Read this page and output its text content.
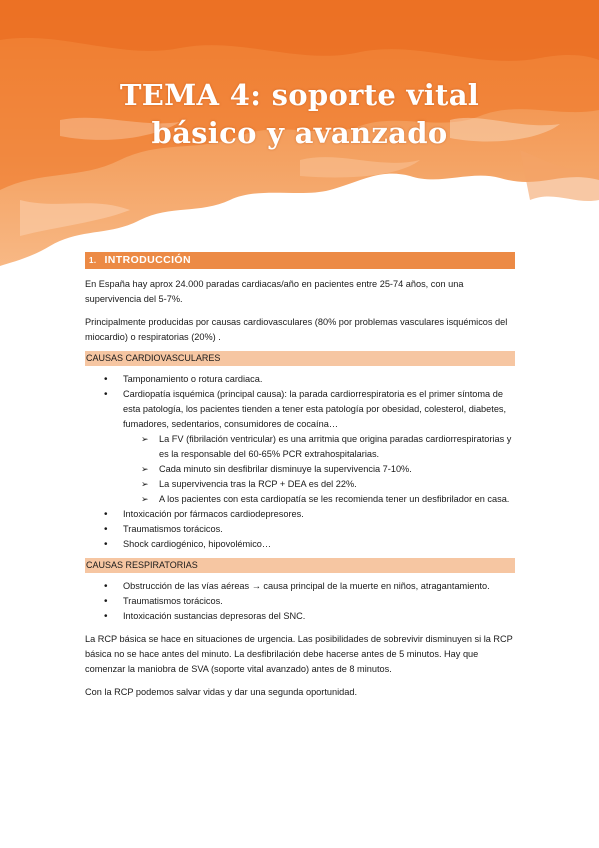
TEMA 4: soporte vital
básico y avanzado
1. INTRODUCCIÓN

En España hay aprox 24.000 paradas cardiacas/año en pacientes entre 25-74 años, con una supervivencia del 5-7%.

Principalmente producidas por causas cardiovasculares (80% por problemas vasculares isquémicos del miocardio) o respiratorias (20%) .

CAUSAS CARDIOVASCULARES
• Tamponamiento o rotura cardiaca.
• Cardiopatía isquémica (principal causa): la parada cardiorrespiratoria es el primer síntoma de esta patología, los pacientes tienden a tener esta patología por obesidad, colesterol, diabetes, fumadores, sedentarios, consumidores de cocaína…
➢ La FV (fibrilación ventricular) es una arritmia que origina paradas cardiorrespiratorias y es la responsable del 60-65% PCR extrahospitalarias.
➢ Cada minuto sin desfibrilar disminuye la supervivencia 7-10%.
➢ La supervivencia tras la RCP + DEA es del 22%.
➢ A los pacientes con esta cardiopatía se les recomienda tener un desfibrilador en casa.
• Intoxicación por fármacos cardiodepresores.
• Traumatismos torácicos.
• Shock cardiogénico, hipovolémico…
CAUSAS RESPIRATORIAS
• Obstrucción de las vías aéreas → causa principal de la muerte en niños, atragantamiento.
• Traumatismos torácicos.
• Intoxicación sustancias depresoras del SNC.

La RCP básica se hace en situaciones de urgencia. Las posibilidades de sobrevivir disminuyen si la RCP básica no se hace antes del minuto. La desfibrilación debe hacerse antes de 5 minutos. Hay que comenzar la maniobra de SVA (soporte vital avanzado) antes de 8 minutos.

Con la RCP podemos salvar vidas y dar una segunda oportunidad.
